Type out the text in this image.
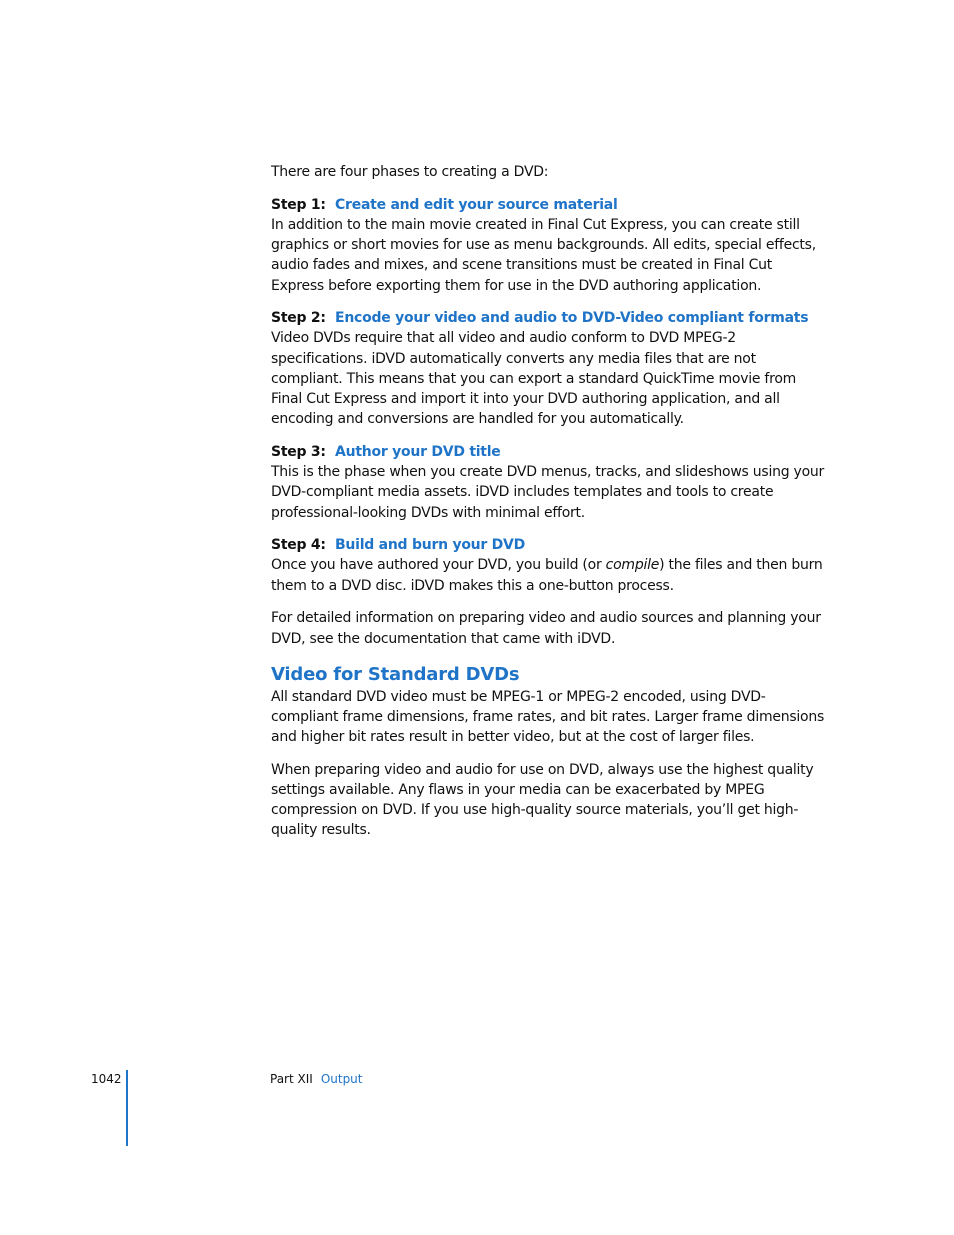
There are four phases to creating a DVD:

Step 1: Create and edit your source material

In addition to the main movie created in Final Cut Express, you can create still graphics or short movies for use as menu backgrounds. All edits, special effects, audio fades and mixes, and scene transitions must be created in Final Cut Express before exporting them for use in the DVD authoring application.

Step 2: Encode your video and audio to DVD-Video compliant formats

Video DVDs require that all video and audio conform to DVD MPEG-2 specifications. iDVD automatically converts any media files that are not compliant. This means that you can export a standard QuickTime movie from Final Cut Express and import it into your DVD authoring application, and all encoding and conversions are handled for you automatically.

Step 3: Author your DVD title

This is the phase when you create DVD menus, tracks, and slideshows using your DVD-compliant media assets. iDVD includes templates and tools to create professional-looking DVDs with minimal effort.

Step 4: Build and burn your DVD

Once you have authored your DVD, you build (or compile) the files and then burn them to a DVD disc. iDVD makes this a one-button process.

For detailed information on preparing video and audio sources and planning your DVD, see the documentation that came with iDVD.

Video for Standard DVDs

All standard DVD video must be MPEG-1 or MPEG-2 encoded, using DVD-compliant frame dimensions, frame rates, and bit rates. Larger frame dimensions and higher bit rates result in better video, but at the cost of larger files.

When preparing video and audio for use on DVD, always use the highest quality settings available. Any flaws in your media can be exacerbated by MPEG compression on DVD. If you use high-quality source materials, you’ll get high-quality results.

1042	Part XII Output
